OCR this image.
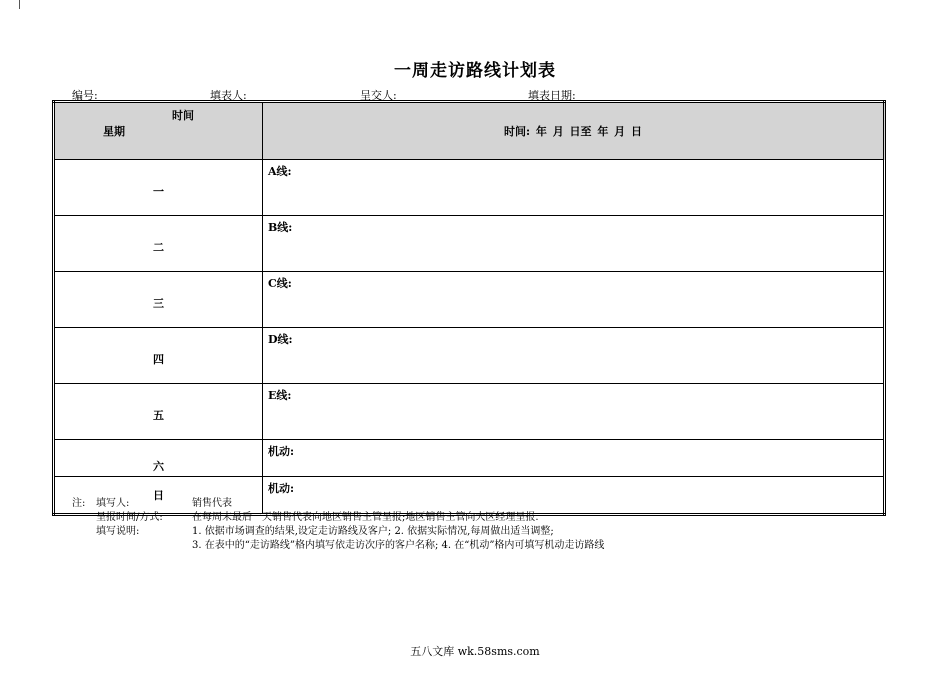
一周走访路线计划表
编号:	填表人:	呈交人:	填表日期:
时间
星期	时间: 年 月 日至 年 月 日
一	A线:
二	B线:
三	C线:
四	D线:
五	E线:
六	机动:
日	机动:
注:	填写人:	销售代表
呈报时间/方式:	在每周末最后一天销售代表向地区销售主管呈报;地区销售主管向大区经理呈报.
填写说明:	1. 依据市场调查的结果,设定走访路线及客户; 2. 依据实际情况,每周做出适当调整;
3. 在表中的“走访路线”格内填写依走访次序的客户名称; 4. 在“机动”格内可填写机动走访路线
五八文库 wk.58sms.com
